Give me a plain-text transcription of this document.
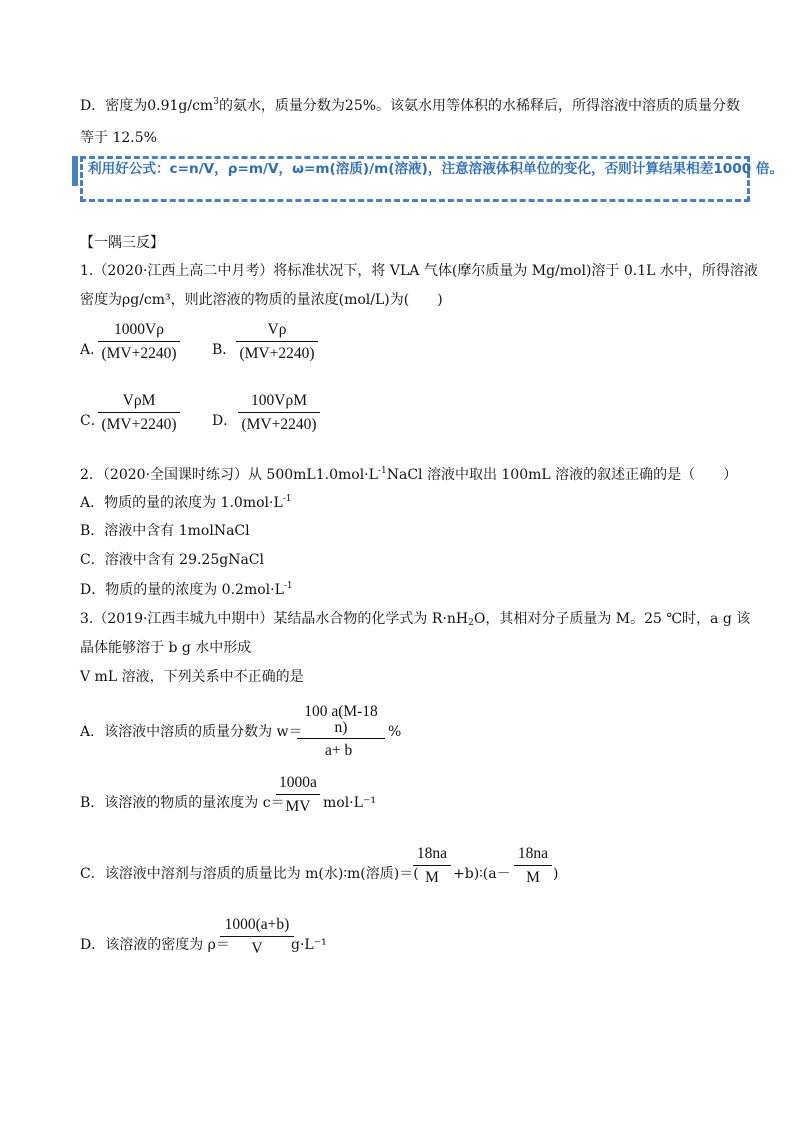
D．密度为$0.91g/cm^3$的氨水，质量分数为25%。该氨水用等体积的水稀释后，所得溶液中溶质的质量分数
等于 12.5%
利用好公式：c=n/V，ρ=m/V，ω=m(溶质)/m(溶液)，注意溶液体积单位的变化，否则计算结果相差1000 倍。
【一隅三反】
1.（2020·江西上高二中月考）将标准状况下，将 VLA 气体(摩尔质量为 Mg/mol)溶于 0.1L 水中，所得溶液
密度为ρg/cm³，则此溶液的物质的量浓度(mol/L)为(　　)
A．
$\frac{1000V\rho}{(MV+2240)}$ B． $\frac{V\rho}{(MV+2240)}$
C．
VρM
(MV+2240)	D．
100VρM
(MV+2240)
2．（2020·全国课时练习）从 $500mL1.0mol\cdot L^{-1}NaCl$ 溶液中取出 100mL 溶液的叙述正确的是（　　）
A．物质的量的浓度为 $1.0mol\cdot L^{-1}$
B．溶液中含有 1molNaCl
C．溶液中含有 29.25gNaCl
D．物质的量的浓度为 $0.2mol\cdot L^{-1}$
3.（2019·江西丰城九中期中）某结晶水合物的化学式为 $R\cdot nH_2O$，其相对分子质量为 M。25 ℃时，a g 该
晶体能够溶于 b g 水中形成
V mL 溶液，下列关系中不正确的是
A．该溶液中溶质的质量分数为 w＝
$\frac{100 a(M-18 n)}{a+ b}$ %
B．该溶液的物质的量浓度为 c＝
$\frac{1000a}{MV} mol\cdot L^{-1}$
C．该溶液中溶剂与溶质的质量比为 m(水)∶m(溶质)＝(
$\frac{18na}{M}$ +b)∶(a－ $\frac{18na}{M}$ )
D．该溶液的密度为 ρ＝
$\frac{1000(a+b)}{V}$
g·L⁻¹
